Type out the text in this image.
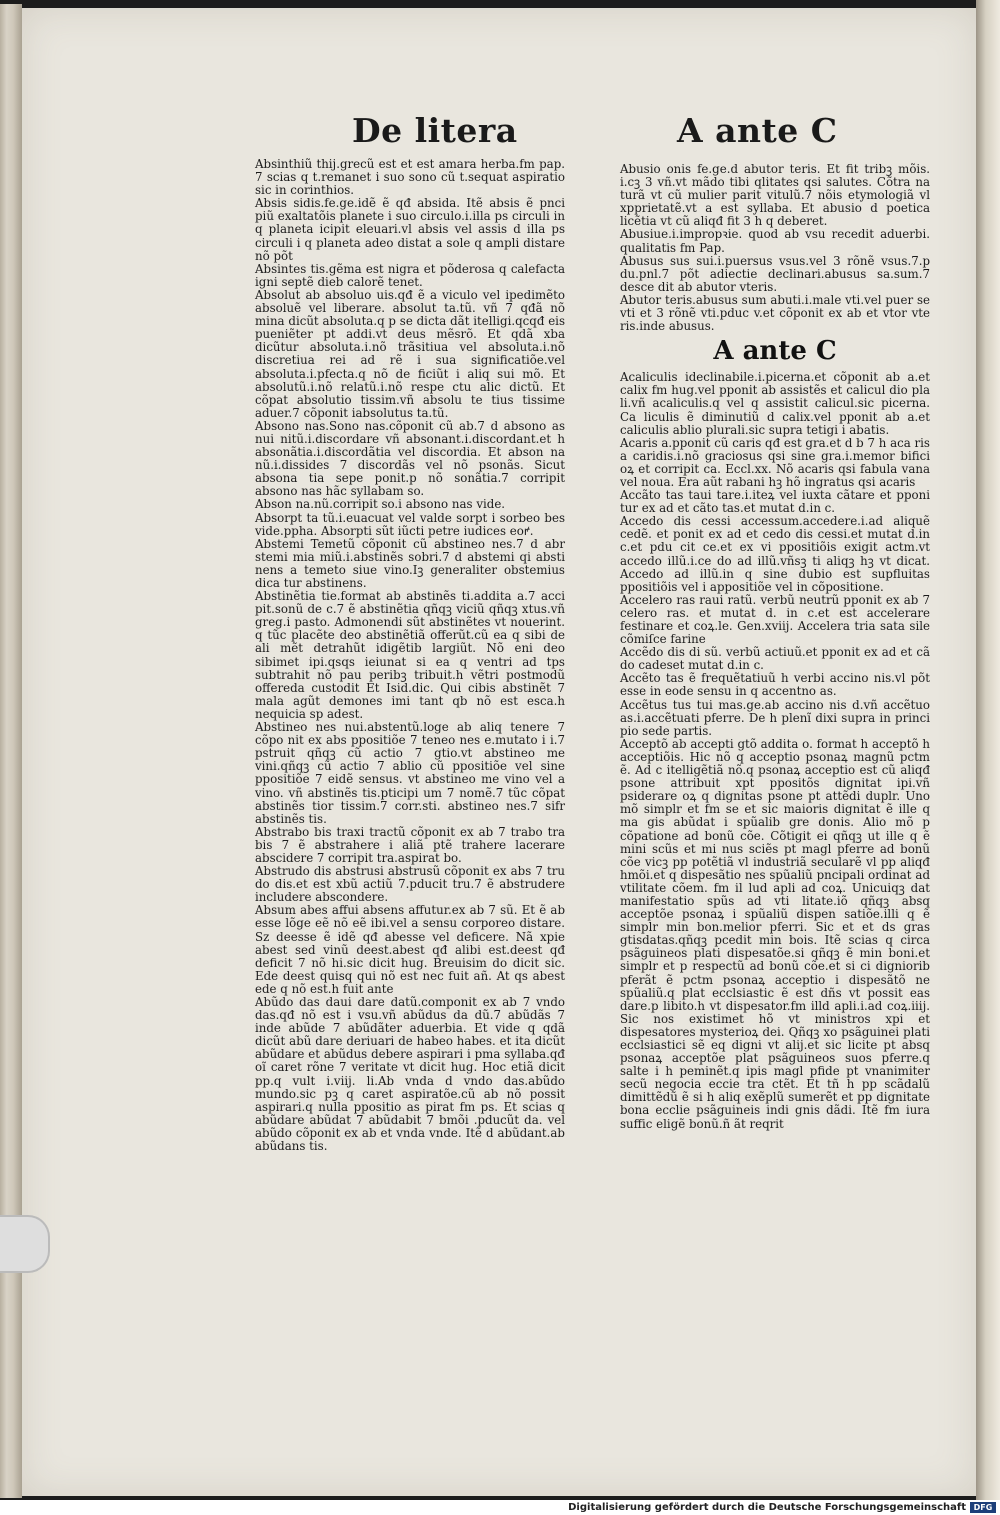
De litera	A ante C

Absinthiũ thij.grecũ est et est amara herba.fm pap. 7 scias q t.remanet i suo sono cũ t.sequat aspiratio sic in corinthios.

Absis sidis.fe.ge.idẽ ẽ qđ absida. Itẽ absis ẽ pnci piũ exaltatõis planete i suo circulo.i.illa ps circuli in q planeta icipit eleuari.vl absis vel assis d illa ps circuli i q planeta adeo distat a sole q ampli distare nõ põt

Absintes tis.gẽma est nigra et põderosa q calefacta igni septẽ dieb calorẽ tenet.

Absolut ab absoluo uis.qđ ẽ a viculo vel ipedimẽto absoluẽ vel liberare. absolut ta.tũ. vñ 7 qđã nõ mina dicũt absoluta.q p se dicta dãt itelligi.qcqđ eis pueniẽter pt addi.vt deus mẽsrõ. Et qdã xba dicũtur absoluta.i.nõ trãsitiua vel absoluta.i.nõ discretiua rei ad rẽ i sua significatiõe.vel absoluta.i.pfecta.q nõ de ficiũt i aliq sui mõ. Et absolutũ.i.nõ relatũ.i.nõ respe ctu alic dictũ. Et cõpat absolutio tissim.vñ absolu te tius tissime aduer.7 cõponit iabsolutus ta.tũ.

Absono nas.Sono nas.cõponit cũ ab.7 d absono as nui nitũ.i.discordare vñ absonant.i.discordant.et h absonãtia.i.discordãtia vel discordia. Et abson na nũ.i.dissides 7 discordãs vel nõ psonãs. Sicut absona tia sepe ponit.p nõ sonãtia.7 corripit absono nas hãc syllabam so.

Abson na.nũ.corripit so.i absono nas vide.

Absorpt ta tũ.i.euacuat vel valde sorpt i sorbeo bes vide.ppha. Absorpti sũt iũcti petre iudices eoꝵ.

Abstemi Temetũ cõponit cũ abstineo nes.7 d abr stemi mia miũ.i.abstinẽs sobri.7 d abstemi qi absti nens a temeto siue vino.Iꝫ generaliter obstemius dica tur abstinens.

Abstinẽtia tie.format ab abstinẽs ti.addita a.7 acci pit.sonũ de c.7 ẽ abstinẽtia qñqꝫ viciũ qñqꝫ xtus.vñ greg.i pasto. Admonendi sũt abstinẽtes vt nouerint. q tũc placẽte deo abstinẽtiã offerũt.cũ ea q sibi de ali mẽt detrahũt idigẽtib largiũt. Nõ eni deo sibimet ipi.qsqs ieiunat si ea q ventri ad tps subtrahit nõ pau peribꝫ tribuit.h vẽtri postmodũ offereda custodit Et Isid.dic. Qui cibis abstinẽt 7 mala agũt demones imi tant qb nõ est esca.h nequicia sp adest.

Abstineo nes nui.abstentũ.loge ab aliq tenere 7 cõpo nit ex abs ppositiõe 7 teneo nes e.mutato i i.7 pstruit qñqꝫ cũ actio 7 gtio.vt abstineo me vini.qñqꝫ cũ actio 7 ablio cũ ppositiõe vel sine ppositiõe 7 eidẽ sensus. vt abstineo me vino vel a vino. vñ abstinẽs tis.pticipi um 7 nomẽ.7 tũc cõpat abstinẽs tior tissim.7 corr.sti. abstineo nes.7 sifr abstinẽs tis.

Abstrabo bis traxi tractũ cõponit ex ab 7 trabo tra bis 7 ẽ abstrahere i aliã ptẽ trahere lacerare abscidere 7 corripit tra.aspirat bo.

Abstrudo dis abstrusi abstrusũ cõponit ex abs 7 tru do dis.et est xbũ actiũ 7.pducit tru.7 ẽ abstrudere includere abscondere.

Absum abes affui absens affutur.ex ab 7 sũ. Et ẽ ab esse lõge eẽ nõ eẽ ibi.vel a sensu corporeo distare. Sz deesse ẽ idẽ qđ abesse vel deficere. Nã xpie abest sed vinũ deest.abest qđ alibi est.deest qđ deficit 7 nõ hi.sic dicit hug. Breuisim do dicit sic. Ede deest quisq qui nõ est nec fuit añ. At qs abest ede q nõ est.h fuit ante

Abũdo das daui dare datũ.componit ex ab 7 vndo das.qđ nõ est i vsu.vñ abũdus da dũ.7 abũdãs 7 inde abũde 7 abũdãter aduerbia. Et vide q qdã dicũt abũ dare deriuari de habeo habes. et ita dicũt abũdare et abũdus debere aspirari i pma syllaba.qđ oĩ caret rõne 7 veritate vt dicit hug. Hoc etiã dicit pp.q vult i.viij. li.Ab vnda d vndo das.abũdo mundo.sic pꝫ q caret aspiratõe.cũ ab nõ possit aspirari.q nulla ppositio as pirat fm ps. Et scias q abũdare abũdat 7 abũdabit 7 bmõi .pducũt da. vel abũdo cõponit ex ab et vnda vnde. Itẽ d abũdant.ab abũdans tis.

Abusio onis fe.ge.d abutor teris. Et fit tribꝫ mõis. i.cꝫ 3 vñ.vt mãdo tibi qlitates qsi salutes. Cõtra na turã vt cũ mulier parit vitulũ.7 nõis etymologiã vl xpprietatẽ.vt a est syllaba. Et abusio d poetica licẽtia vt cũ aliqđ fit 3 h q deberet.

Abusiue.i.impropꝛie. quod ab vsu recedit aduerbi. qualitatis fm Pap.

Abusus sus sui.i.puersus vsus.vel 3 rõnẽ vsus.7.p du.pnl.7 põt adiectie declinari.abusus sa.sum.7 desce dit ab abutor vteris.

Abutor teris.abusus sum abuti.i.male vti.vel puer se vti et 3 rõnẽ vti.pduc v.et cõponit ex ab et vtor vte ris.inde abusus.

A ante C

Acaliculis ideclinabile.i.picerna.et cõponit ab a.et calix fm hug.vel pponit ab assistẽs et calicul dio pla li.vñ acaliculis.q vel q assistit calicul.sic picerna. Ca liculis ẽ diminutiũ d calix.vel pponit ab a.et caliculis ablio plurali.sic supra tetigi i abatis.

Acaris a.pponit cũ caris qđ est gra.et d b 7 h aca ris a caridis.i.nõ graciosus qsi sine gra.i.memor bifici oꝝ et corripit ca. Eccl.xx. Nõ acaris qsi fabula vana vel noua. Era aũt rabani hꝫ hõ ingratus qsi acaris

Accãto tas taui tare.i.iteꝝ vel iuxta cãtare et pponi tur ex ad et cãto tas.et mutat d.in c.

Accedo dis cessi accessum.accedere.i.ad aliquẽ cedẽ. et ponit ex ad et cedo dis cessi.et mutat d.in c.et pdu cit ce.et ex vi ppositiõis exigit actm.vt accedo illũ.i.ce do ad illũ.vñsꝫ ti aliqꝫ hꝫ vt dicat. Accedo ad illũ.in q sine dubio est supfluitas ppositiõis vel i appositiõe vel in cõpositione.

Accelero ras raui ratũ. verbũ neutrũ pponit ex ab 7 celero ras. et mutat d. in c.et est accelerare festinare et coꝝ.le. Gen.xviij. Accelera tria sata sile cõmiſce farine

Accẽdo dis di sũ. verbũ actiuũ.et pponit ex ad et cã do cadeset mutat d.in c.

Accẽto tas ẽ frequẽtatiuũ h verbi accino nis.vl põt esse in eode sensu in q accentno as.

Accẽtus tus tui mas.ge.ab accino nis d.vñ accẽtuo as.i.accẽtuati pferre. De h plenĩ dixi supra in princi pio sede partis.

Acceptõ ab accepti gtõ addita o. format h acceptõ h acceptiõis. Hic nõ q acceptio psonaꝝ magnũ pctm ẽ. Ad c itelligẽtiã nõ.q psonaꝝ acceptio est cũ aliqđ psone attribuit xpt ppositõs dignitat ipi.vñ psiderare oꝝ q dignitas psone pt attẽdi duplr. Uno mõ simplr et fm se et sic maioris dignitat ẽ ille q ma gis abũdat i spũalib gre donis. Alio mõ p cõpatione ad bonũ cõe. Cõtigit ei qñqꝫ ut ille q ẽ mini scũs et mi nus sciẽs pt magl pferre ad bonũ cõe vicꝫ pp potẽtiã vl industriã secularẽ vl pp aliqđ hmõi.et q dispesãtio nes spũaliũ pncipali ordinat ad vtilitate cõem. fm il lud apli ad coꝝ. Unicuiqꝫ dat manifestatio spũs ad vti litate.iõ qñqꝫ absq acceptõe psonaꝝ i spũaliũ dispen satiõe.illi q ẽ simplr min bon.melior pferri. Sic et et ds gras gtisdatas.qñqꝫ pcedit min bois. Itẽ scias q circa psãguineos plati dispesatõe.si qñqꝫ ẽ min boni.et simplr et p respectũ ad bonũ cõe.et si ci digniorib pferãt ẽ pctm psonaꝝ acceptio i dispesãtõ ne spũaliũ.q plat ecclsiastic ẽ est dñs vt possit eas dare.p libito.h vt dispesator.fm illd apli.i.ad coꝝ.iiij. Sic nos existimet hõ vt ministros xpi et dispesatores mysterioꝝ dei. Qñqꝫ xo psãguinei plati ecclsiastici sẽ eq digni vt alij.et sic licite pt absq psonaꝝ acceptõe plat psãguineos suos pferre.q salte i h peminẽt.q ipis magl pfide pt vnanimiter secũ negocia eccie tra ctẽt. Et tñ h pp scãdalũ dimittẽdũ ẽ si h aliq exẽplũ sumerẽt et pp dignitate bona ecclie psãguineis indi gnis dãdi. Itẽ fm iura suffic eligẽ bonũ.ñ ãt reqrit

Digitalisierung gefördert durch die Deutsche Forschungsgemeinschaft DFG
